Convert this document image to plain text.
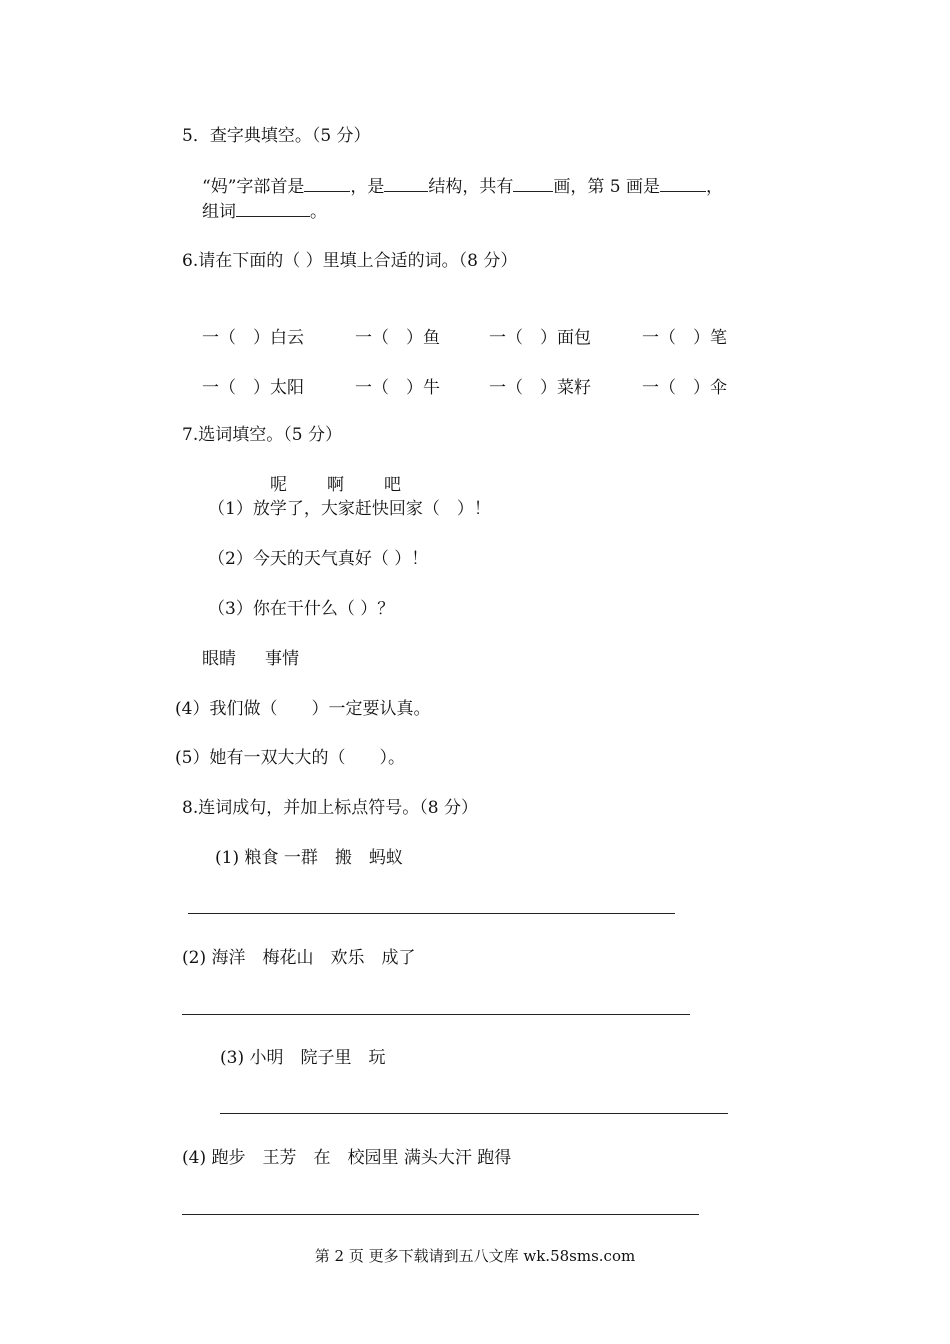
5．查字典填空。（5 分）
“妈”字部首是	，是	结构，共有 画，第 5 画是	，
组词	。
6.请在下面的（ ）里填上合适的词。（8 分）
一（　）白云	一（　）鱼	一（　）面包	一（　）笔
一（　）太阳	一（　）牛	一（　）菜籽	一（　）伞
7.选词填空。（5 分）
呢 啊 吧
（1）放学了，大家赶快回家（　）！
（2）今天的天气真好（ ）！
（3）你在干什么（ ）？
眼睛 事情
(4）我们做（　　）一定要认真。
(5）她有一双大大的（　　）。
8.连词成句，并加上标点符号。（8 分）
(1) 粮食 一群　搬　蚂蚁
(2) 海洋　梅花山　欢乐　成了
(3) 小明　院子里　玩
(4) 跑步　王芳　在　校园里 满头大汗 跑得
第 2 页 更多下载请到五八文库 wk.58sms.com
